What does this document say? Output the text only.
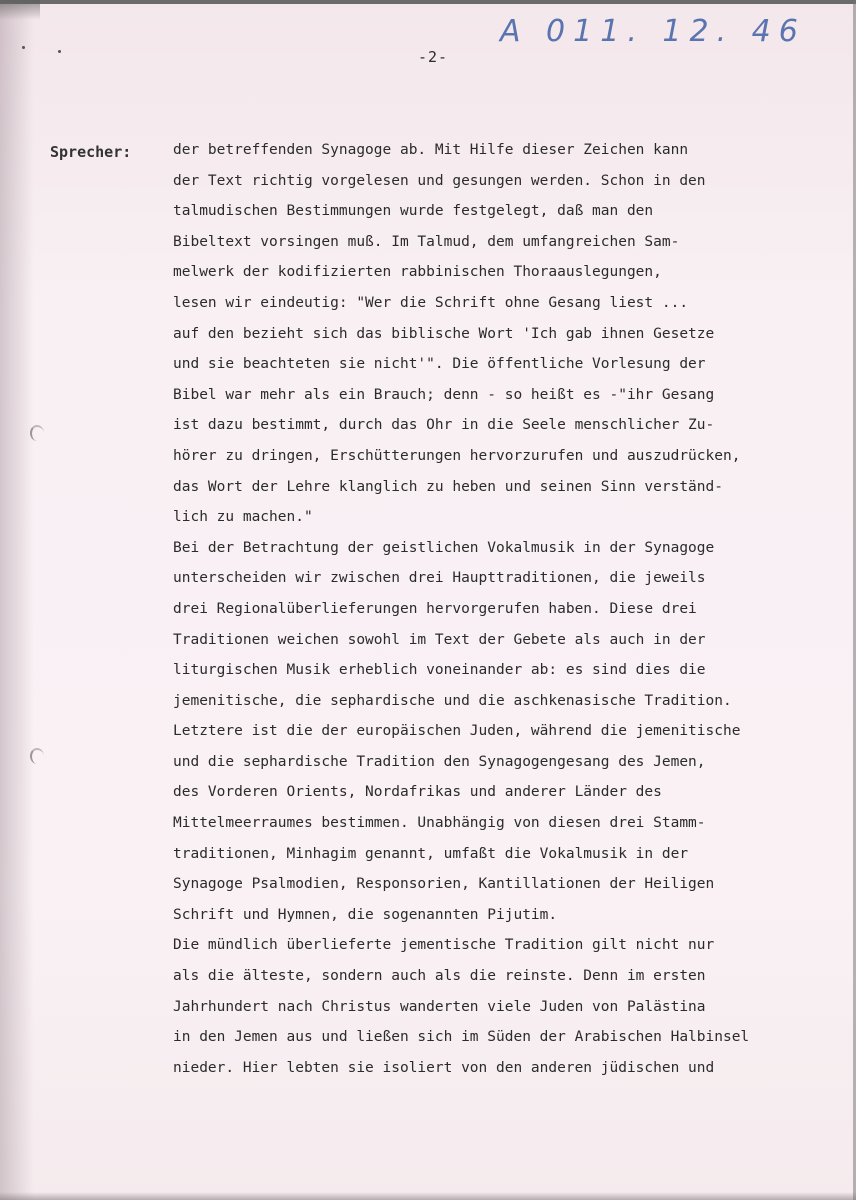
A 011. 12. 46
-2-
Sprecher:	der betreffenden Synagoge ab. Mit Hilfe dieser Zeichen kann
der Text richtig vorgelesen und gesungen werden. Schon in den
talmudischen Bestimmungen wurde festgelegt, daß man den
Bibeltext vorsingen muß. Im Talmud, dem umfangreichen Sam-
melwerk der kodifizierten rabbinischen Thoraauslegungen,
lesen wir eindeutig: "Wer die Schrift ohne Gesang liest ...
auf den bezieht sich das biblische Wort 'Ich gab ihnen Gesetze
und sie beachteten sie nicht'". Die öffentliche Vorlesung der
Bibel war mehr als ein Brauch; denn - so heißt es -"ihr Gesang
ist dazu bestimmt, durch das Ohr in die Seele menschlicher Zu-
hörer zu dringen, Erschütterungen hervorzurufen und auszudrücken,
das Wort der Lehre klanglich zu heben und seinen Sinn verständ-
lich zu machen."
Bei der Betrachtung der geistlichen Vokalmusik in der Synagoge
unterscheiden wir zwischen drei Haupttraditionen, die jeweils
drei Regionalüberlieferungen hervorgerufen haben. Diese drei
Traditionen weichen sowohl im Text der Gebete als auch in der
liturgischen Musik erheblich voneinander ab: es sind dies die
jemenitische, die sephardische und die aschkenasische Tradition.
Letztere ist die der europäischen Juden, während die jemenitische
und die sephardische Tradition den Synagogengesang des Jemen,
des Vorderen Orients, Nordafrikas und anderer Länder des
Mittelmeerraumes bestimmen. Unabhängig von diesen drei Stamm-
traditionen, Minhagim genannt, umfaßt die Vokalmusik in der
Synagoge Psalmodien, Responsorien, Kantillationen der Heiligen
Schrift und Hymnen, die sogenannten Pijutim.
Die mündlich überlieferte jementische Tradition gilt nicht nur
als die älteste, sondern auch als die reinste. Denn im ersten
Jahrhundert nach Christus wanderten viele Juden von Palästina
in den Jemen aus und ließen sich im Süden der Arabischen Halbinsel
nieder. Hier lebten sie isoliert von den anderen jüdischen und
